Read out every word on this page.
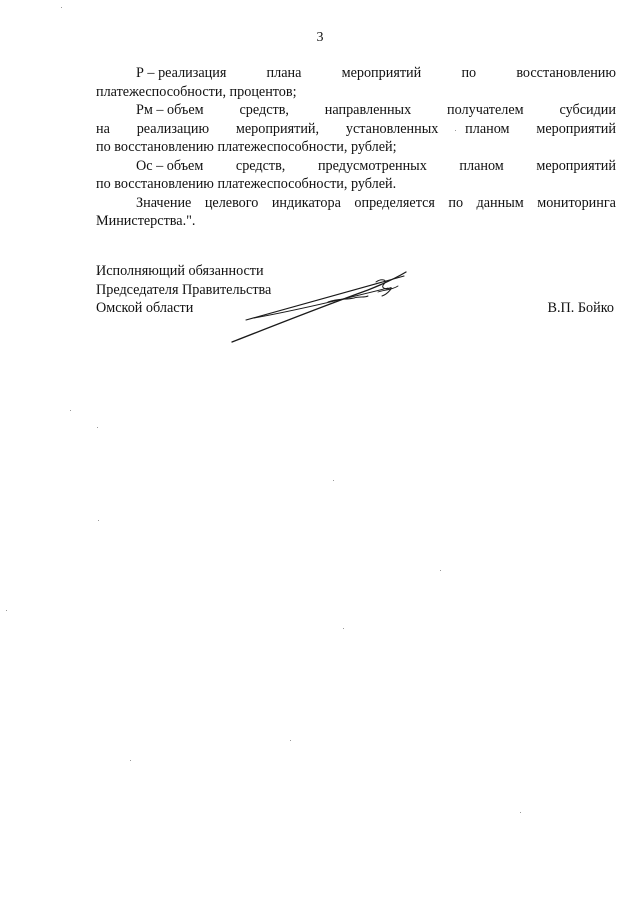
3
Р – реализация	плана	мероприятий	по	восстановлению
платежеспособности, процентов;
Рм – объем	средств,	направленных	получателем	субсидии
на реализацию мероприятий, установленных планом мероприятий
по восстановлению платежеспособности, рублей;
Ос – объем средств, предусмотренных планом мероприятий
по восстановлению платежеспособности, рублей.
Значение целевого индикатора определяется по данным мониторинга
Министерства.".
Исполняющий обязанности
Председателя Правительства
Омской области	В.П. Бойко
